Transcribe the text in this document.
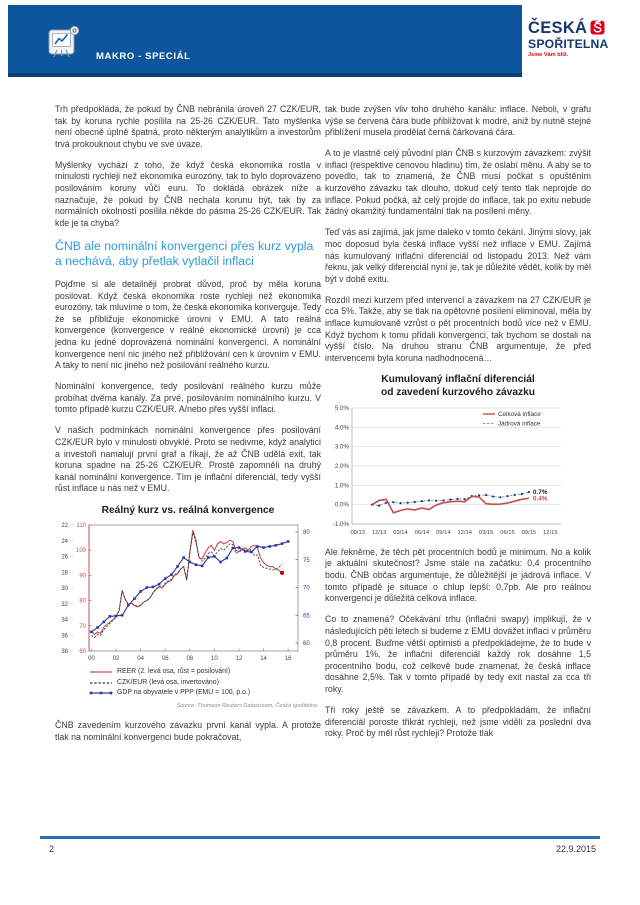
MAKRO - SPECIÁL
ČESKÁ
SPOŘITELNA
Jsme Vám blíž.

Trh předpokládá, že pokud by ČNB nebránila úroveň 27 CZK/EUR, tak by koruna rychle posílila na 25-26 CZK/EUR. Tato myšlenka není obecně úplně špatná, proto některým analytikům a investorům trvá prokouknout chybu ve své úvaze.

Myšlenky vychází z toho, že když česká ekonomika rostla v minulosti rychleji než ekonomika eurozóny, tak to bylo doprovázeno posilováním koruny vůči euru. To dokládá obrázek níže a naznačuje, že pokud by ČNB nechala korunu být, tak by za normálních okolností posílila někde do pásma 25-26 CZK/EUR. Tak kde je ta chyba?

ČNB ale nominální konvergenci přes kurz vypla a nechává, aby přetlak vytlačil inflaci

Pojďme si ale detailněji probrat důvod, proč by měla koruna posilovat. Když česká ekonomika roste rychleji než ekonomika eurozóny, tak mluvíme o tom, že česká ekonomika konverguje. Tedy že se přibližuje ekonomické úrovni v EMU. A tato reálná konvergence (konvergence v reálné ekonomické úrovni) je cca jedna ku jedné doprovázená nominální konvergencí. A nominální konvergence není nic jiného než přibližování cen k úrovním v EMU. A taky to není nic jiného než posilování reálného kurzu.

Nominální konvergence, tedy posilování reálného kurzu může probíhat dvěma kanály. Za prvé, posilováním nominálního kurzu. V tomto případě kurzu CZK/EUR. A/nebo přes vyšší inflaci.

V našich podmínkách nominální konvergence přes posilování CZK/EUR bylo v minulosti obvyklé. Proto se nedivme, když analytici a investoři namalují první graf a říkají, že až ČNB udělá exit, tak koruna spadne na 25-26 CZK/EUR. Prostě zapomněli na druhý kanál nominální konvergence. Tím je inflační diferenciál, tedy vyšší růst inflace u nás než v EMU.

Reálný kurz vs. reálná konvergence
22
24
26
28
30
32
34
36
38
110
100
90
80
70
60
80
75
70
65
60
00	02	04	06	08	10	12	14	16
REER (2. levá osa, růst = posilování)
CZK/EUR (levá osa, invertováno)
GDP na obyvatele v PPP (EMU = 100, p.o.)
Source: Thomson Reuters Datastream, Česká spořitelna

ČNB zavedením kurzového závazku první kanál vypla. A protože tlak na nominální konvergenci bude pokračovat,

tak bude zvýšen vliv toho druhého kanálu: inflace. Neboli, v grafu výše se červená čára bude přibližovat k modré, aniž by nutně stejné přiblížení musela prodělat černá čárkovaná čára.

A to je vlastně celý původní plán ČNB s kurzovým závazkem: zvýšit inflaci (respektive cenovou hladinu) tím, že oslabí měnu. A aby se to povedlo, tak to znamená, že ČNB musí počkat s opuštěním kurzového závazku tak dlouho, dokud celý tento tlak neprojde do inflace. Pokud počká, až celý projde do inflace, tak po exitu nebude žádný okamžitý fundamentální tlak na posílení měny.

Teď vás asi zajímá, jak jsme daleko v tomto čekání. Jinými slovy, jak moc doposud byla česká inflace vyšší než inflace v EMU. Zajímá nás kumulovaný inflační diferenciál od listopadu 2013. Než vám řeknu, jak velký diferenciál nyní je, tak je důležité vědět, kolik by měl být v době exitu.

Rozdíl mezi kurzem před intervencí a závazkem na 27 CZK/EUR je cca 5%. Takže, aby se tlak na opětovné posílení eliminoval, měla by inflace kumulovaně vzrůst o pět procentních bodů více než v EMU. Když bychom k tomu přidali konvergenci, tak bychom se dostali na vyšší číslo. Na druhou stranu ČNB argumentuje, že před intervencemi byla koruna nadhodnocená…

Kumulovaný inflační diferenciál
od zavedení kurzového závazku
5.0%
4.0%
3.0%
2.0%
1.0%
0.0%
-1.0%
09/13 12/13 03/14 06/14 09/14 12/14 03/15 06/15 09/15 12/15
0.7%
0.4%
Celková inflace
Jádrová inflace

Ale řekněme, že těch pět procentních bodů je minimum. No a kolik je aktuální skutečnost? Jsme stále na začátku: 0,4 procentního bodu. ČNB občas argumentuje, že důležitější je jádrová inflace. V tomto případě je situace o chlup lepší: 0,7pb. Ale pro reálnou konvergenci je důležitá celková inflace.

Co to znamená? Očekávání trhu (inflační swapy) implikují, že v následujících pěti letech si budeme z EMU dovážet inflaci v průměru 0,8 procent. Buďme větší optimisti a předpokládejme, že to bude v průměru 1%, že inflační diferenciál každý rok dosáhne 1,5 procentního bodu, což celkově bude znamenat, že česká inflace dosáhne 2,5%. Tak v tomto případě by tedy exit nastal za cca tři roky.

Tři roky ještě se závazkem. A to předpokládám, že inflační diferenciál poroste třikrát rychleji, než jsme viděli za poslední dva roky. Proč by měl růst rychleji? Protože tlak

2	22.9.2015
